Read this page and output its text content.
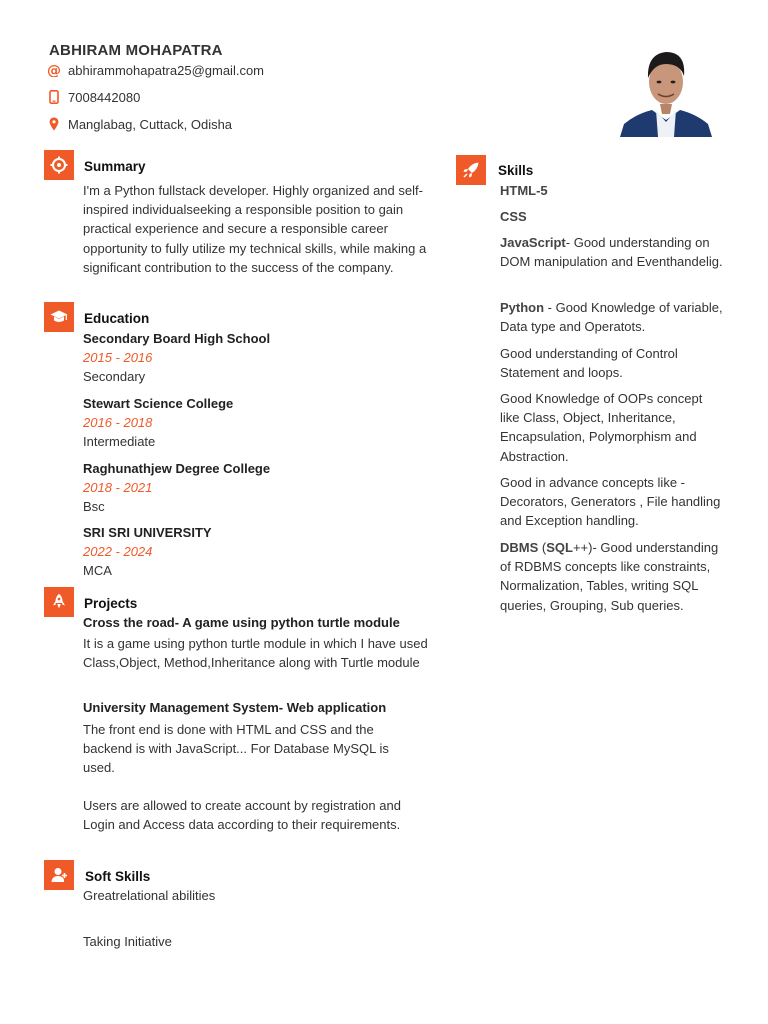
ABHIRAM MOHAPATRA
@ abhirammohapatra25@gmail.com
7008442080
Manglabag, Cuttack, Odisha
Summary
I'm a Python fullstack developer. Highly organized and self-inspired individualseeking a responsible position to gain practical experience and secure a responsible career opportunity to fully utilize my technical skills, while making a significant contribution to the success of the company.
Education
Secondary Board High School
2015 - 2016
Secondary
Stewart Science College
2016 - 2018
Intermediate
Raghunathjew Degree College
2018 - 2021
Bsc
SRI SRI UNIVERSITY
2022 - 2024
MCA
Projects
Cross the road- A game using python turtle module
It is a game using python turtle module in which I have used Class,Object, Method,Inheritance along with Turtle module
University Management System- Web application
The front end is done with HTML and CSS and the backend is with JavaScript... For Database MySQL is used.
Users are allowed to create account by registration and Login and Access data according to their requirements.
Soft Skills
Greatrelational abilities
Taking Initiative
Skills
HTML-5
CSS
JavaScript- Good understanding on DOM manipulation and Eventhandelig.
Python - Good Knowledge of variable, Data type and Operatots.
Good understanding of Control Statement and loops.
Good Knowledge of OOPs concept like Class, Object, Inheritance, Encapsulation, Polymorphism and Abstraction.
Good in advance concepts like - Decorators, Generators , File handling and Exception handling.
DBMS (SQL++)- Good understanding of RDBMS concepts like constraints, Normalization, Tables, writing SQL queries, Grouping, Sub queries.
